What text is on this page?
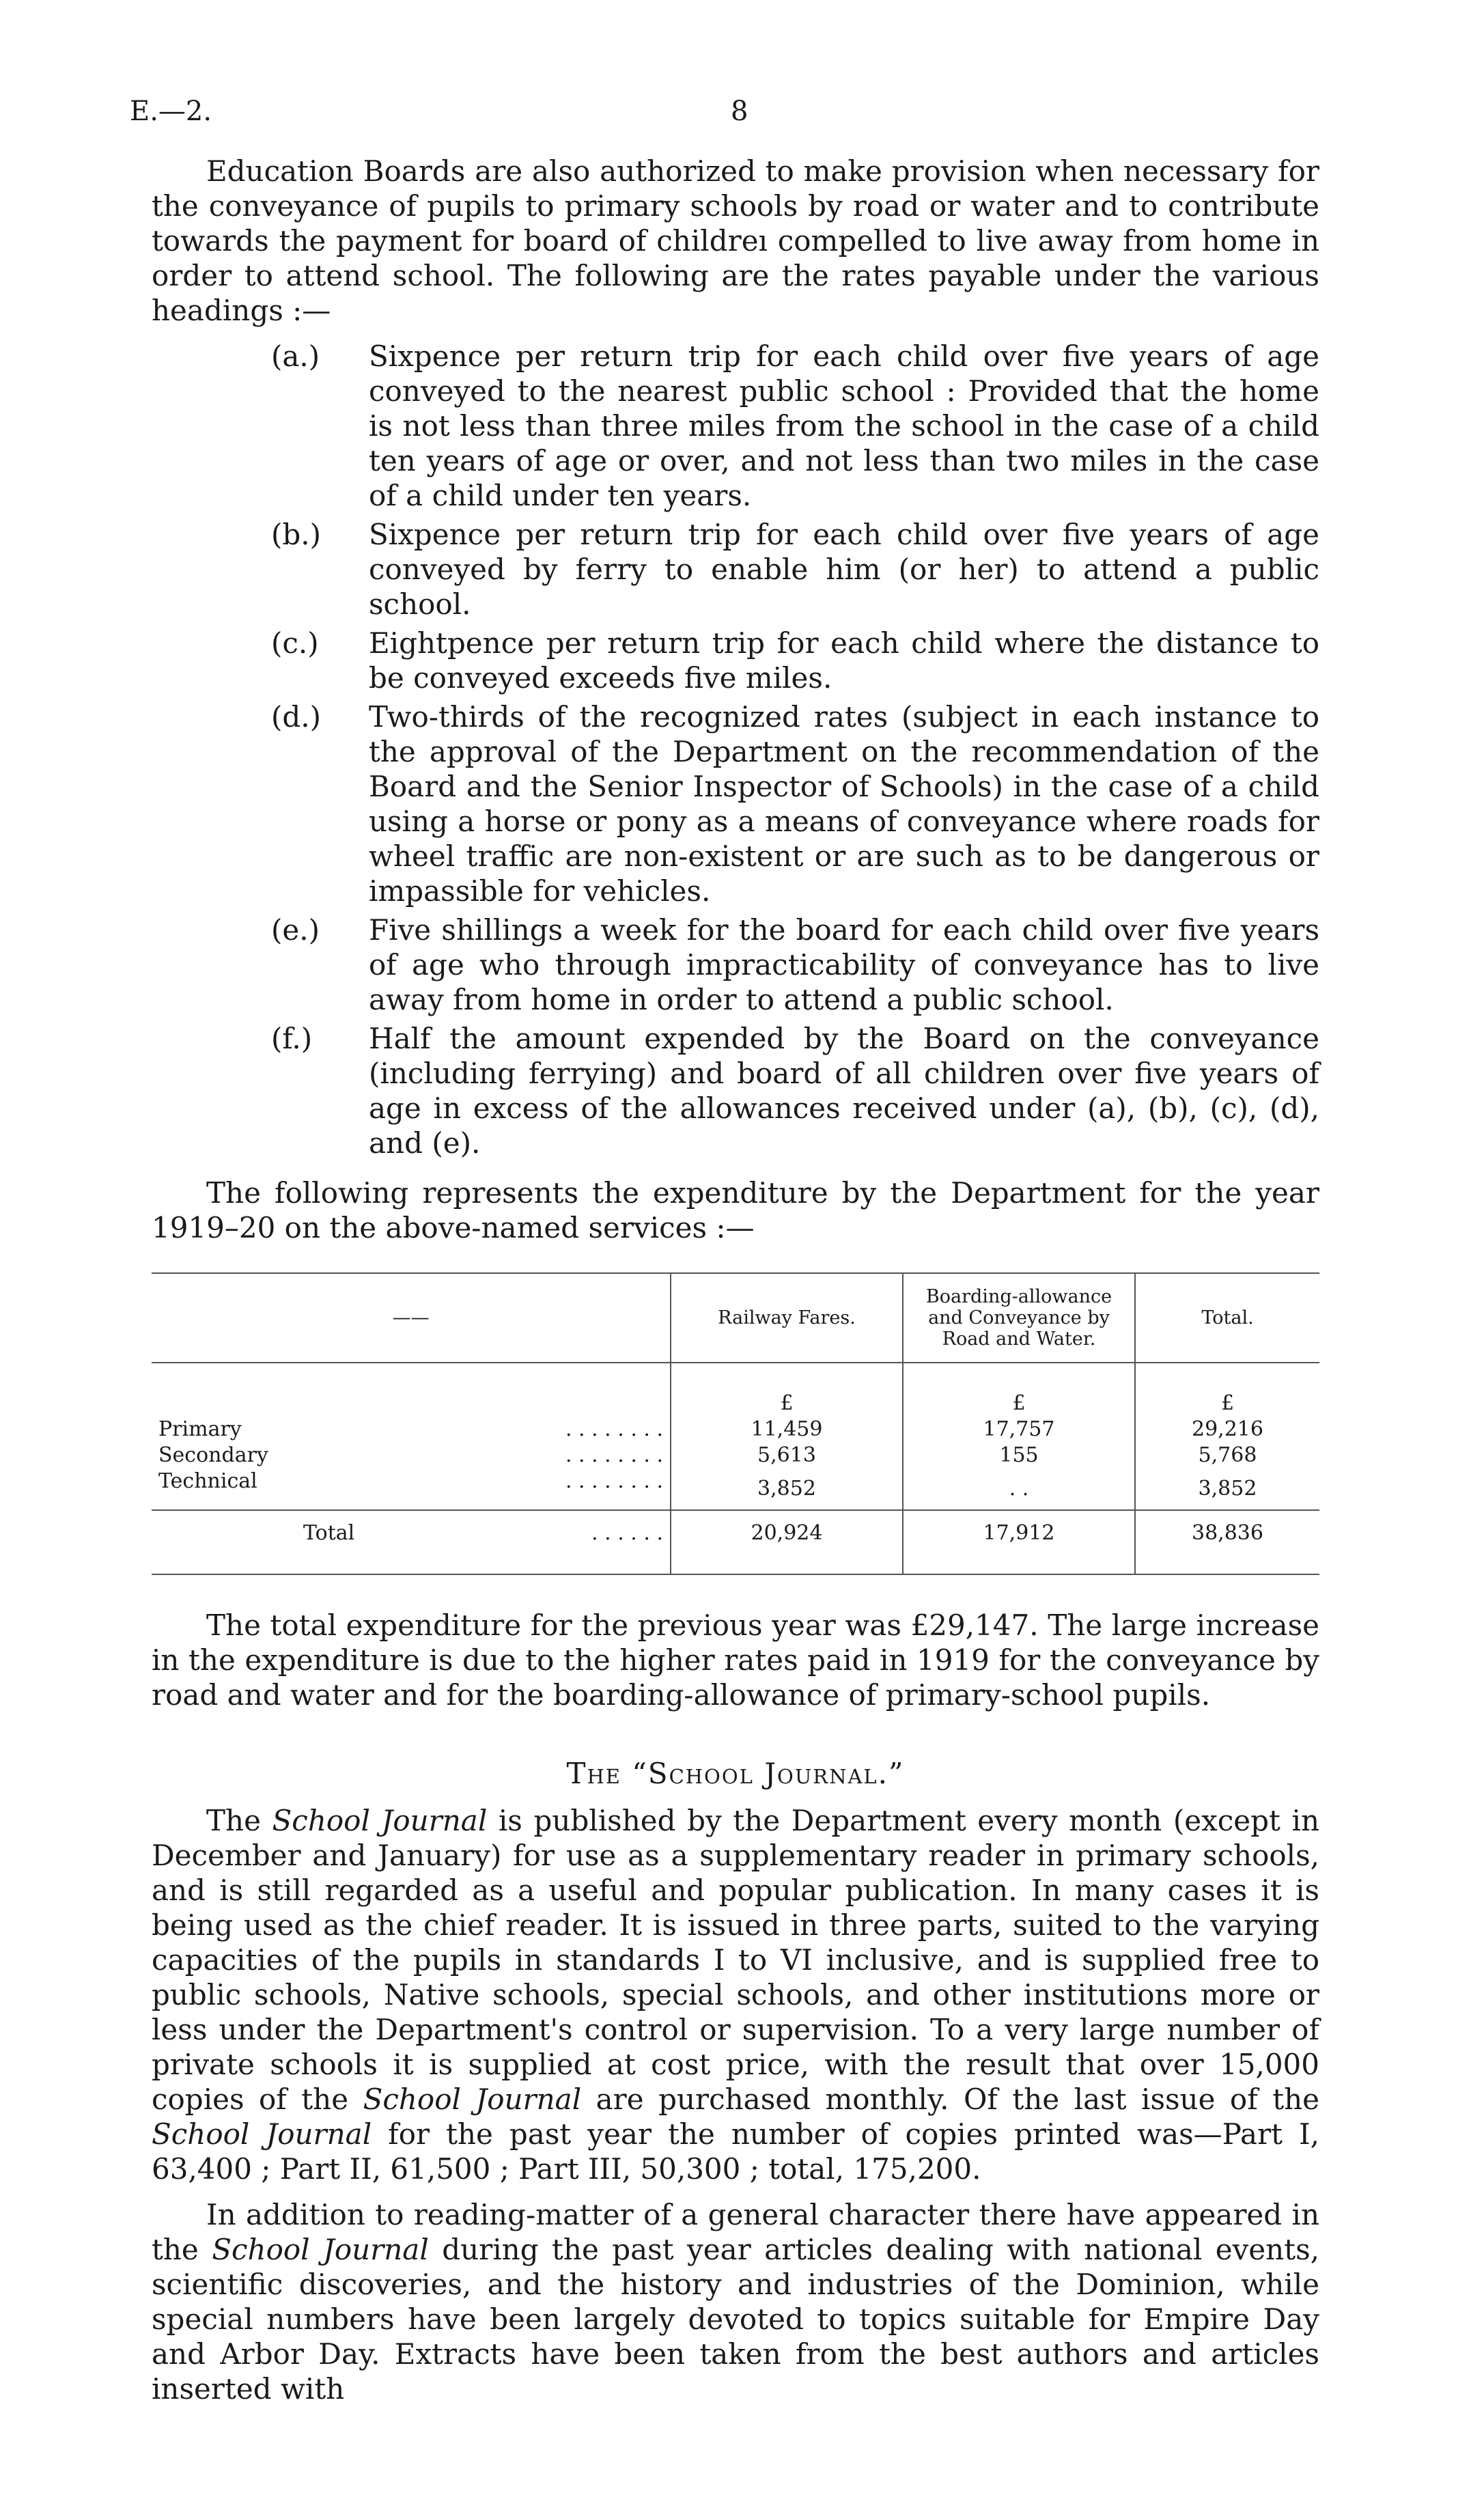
E.—2.	8

Education Boards are also authorized to make provision when necessary for the conveyance of pupils to primary schools by road or water and to contribute towards the payment for board of childreı compelled to live away from home in order to attend school. The following are the rates payable under the various headings :—

(a.)	Sixpence per return trip for each child over five years of age conveyed to the nearest public school : Provided that the home is not less than three miles from the school in the case of a child ten years of age or over, and not less than two miles in the case of a child under ten years.
(b.)	Sixpence per return trip for each child over five years of age conveyed by ferry to enable him (or her) to attend a public school.
(c.)	Eightpence per return trip for each child where the distance to be conveyed exceeds five miles.
(d.)	Two-thirds of the recognized rates (subject in each instance to the approval of the Department on the recommendation of the Board and the Senior Inspector of Schools) in the case of a child using a horse or pony as a means of conveyance where roads for wheel traffic are non-existent or are such as to be dangerous or impassible for vehicles.
(e.)	Five shillings a week for the board for each child over five years of age who through impracticability of conveyance has to live away from home in order to attend a public school.
(f.)	Half the amount expended by the Board on the conveyance (including ferrying) and board of all children over five years of age in excess of the allowances received under (a), (b), (c), (d), and (e).

The following represents the expenditure by the Department for the year 1919–20 on the above-named services :—

——	Railway Fares.	Boarding-allowance and Conveyance by Road and Water.	Total.
	£	£	£
Primary . . . . . . . .	11,459	17,757	29,216
Secondary . . . . . . . .	5,613	155	5,768
Technical . . . . . . . .	3,852	. .	3,852
Total . . . . . .	20,924	17,912	38,836

The total expenditure for the previous year was £29,147. The large increase in the expenditure is due to the higher rates paid in 1919 for the conveyance by road and water and for the boarding-allowance of primary-school pupils.

The “School Journal.”

The School Journal is published by the Department every month (except in December and January) for use as a supplementary reader in primary schools, and is still regarded as a useful and popular publication. In many cases it is being used as the chief reader. It is issued in three parts, suited to the varying capacities of the pupils in standards I to VI inclusive, and is supplied free to public schools, Native schools, special schools, and other institutions more or less under the Department's control or supervision. To a very large number of private schools it is supplied at cost price, with the result that over 15,000 copies of the School Journal are purchased monthly. Of the last issue of the School Journal for the past year the number of copies printed was—Part I, 63,400 ; Part II, 61,500 ; Part III, 50,300 ; total, 175,200.

In addition to reading-matter of a general character there have appeared in the School Journal during the past year articles dealing with national events, scientific discoveries, and the history and industries of the Dominion, while special numbers have been largely devoted to topics suitable for Empire Day and Arbor Day. Extracts have been taken from the best authors and articles inserted with
